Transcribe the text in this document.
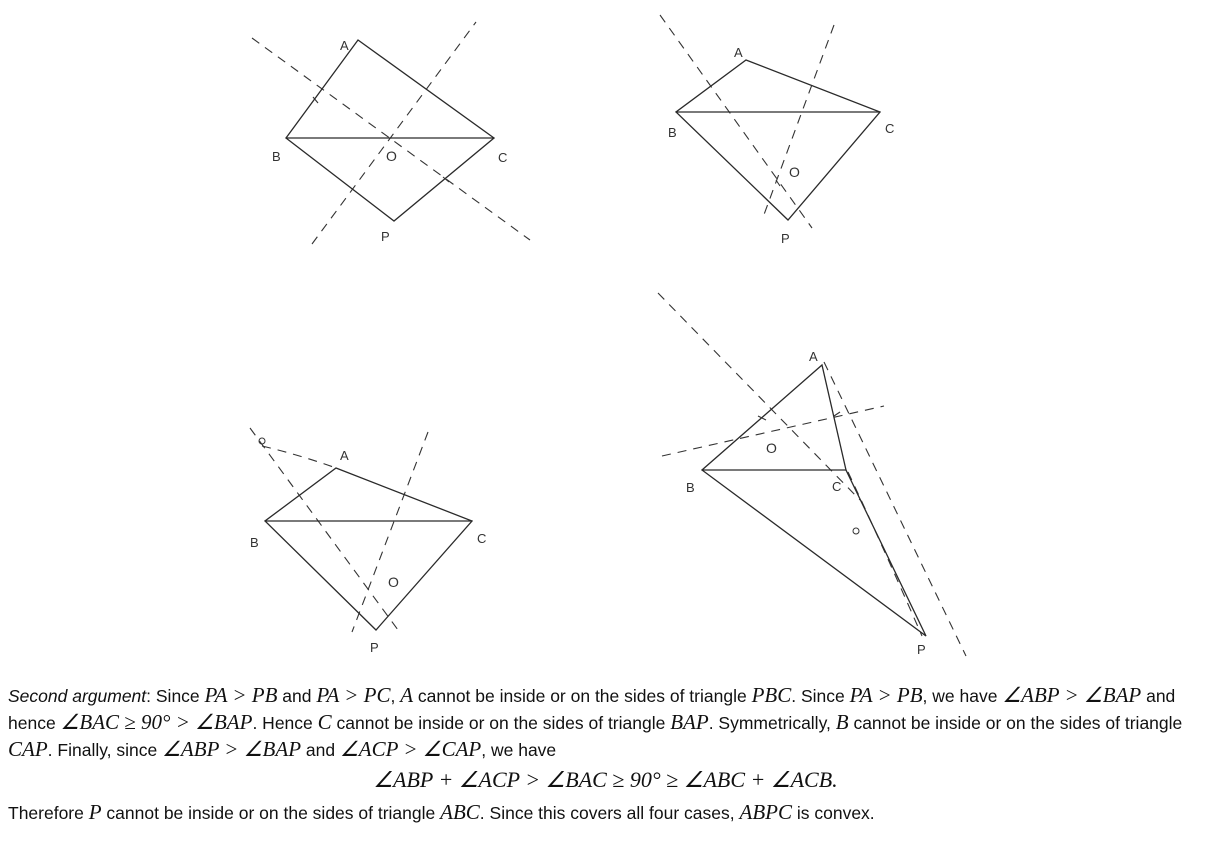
A
B	C
O
P
A
B	C
O
P
A
B	C
O
P
A
B	C
O
P

Second argument: Since PA > PB and PA > PC, A cannot be inside or on the sides of triangle PBC. Since PA > PB, we have ∠ABP > ∠BAP and hence ∠BAC ≥ 90° > ∠BAP. Hence C cannot be inside or on the sides of triangle BAP. Symmetrically, B cannot be inside or on the sides of triangle CAP. Finally, since ∠ABP > ∠BAP and ∠ACP > ∠CAP, we have

∠ABP + ∠ACP > ∠BAC ≥ 90° ≥ ∠ABC + ∠ACB.

Therefore P cannot be inside or on the sides of triangle ABC. Since this covers all four cases, ABPC is convex.
